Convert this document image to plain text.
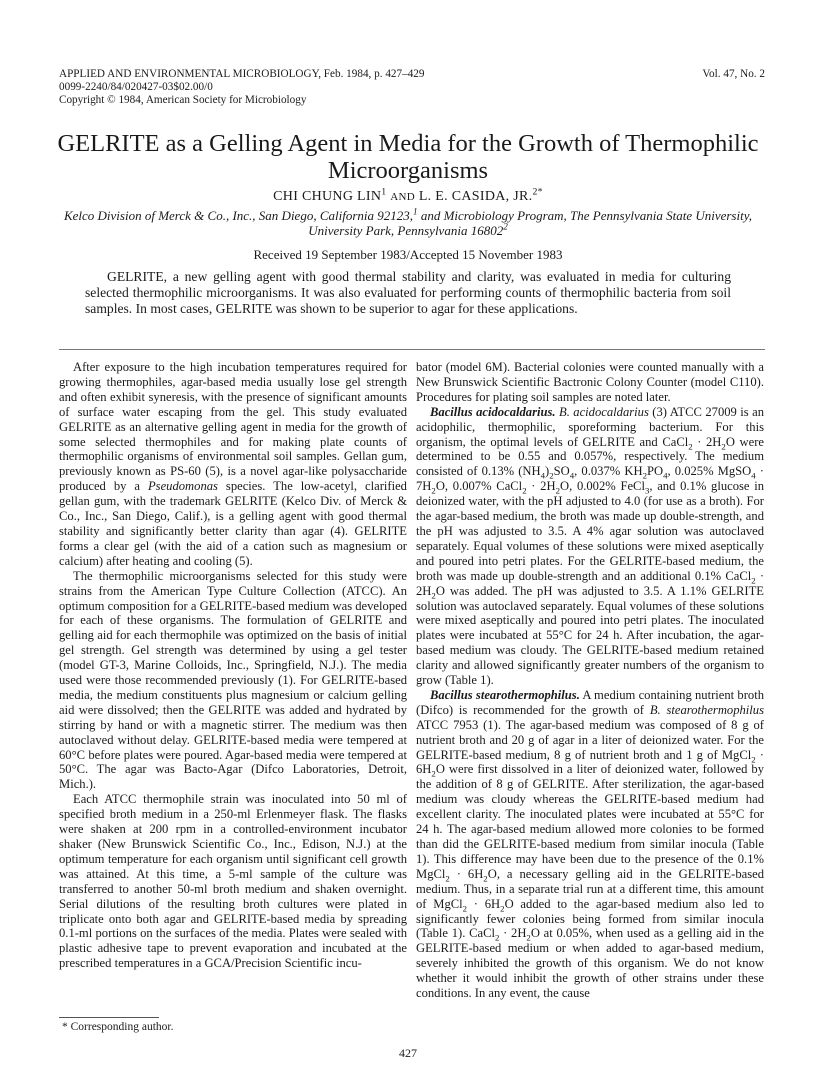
APPLIED AND ENVIRONMENTAL MICROBIOLOGY, Feb. 1984, p. 427–429
0099-2240/84/020427-03$02.00/0
Copyright © 1984, American Society for Microbiology
Vol. 47, No. 2
GELRITE as a Gelling Agent in Media for the Growth of Thermophilic Microorganisms
CHI CHUNG LIN$^1$ AND L. E. CASIDA, JR.$^{2*}$
Kelco Division of Merck & Co., Inc., San Diego, California 92123,$^1$ and Microbiology Program, The Pennsylvania State University, University Park, Pennsylvania 16802$^2$
Received 19 September 1983/Accepted 15 November 1983
GELRITE, a new gelling agent with good thermal stability and clarity, was evaluated in media for culturing selected thermophilic microorganisms. It was also evaluated for performing counts of thermophilic bacteria from soil samples. In most cases, GELRITE was shown to be superior to agar for these applications.

After exposure to the high incubation temperatures required for growing thermophiles, agar-based media usually lose gel strength and often exhibit syneresis, with the presence of significant amounts of surface water escaping from the gel. This study evaluated GELRITE as an alternative gelling agent in media for the growth of some selected thermophiles and for making plate counts of thermophilic organisms of environmental soil samples. Gellan gum, previously known as PS-60 (5), is a novel agar-like polysaccharide produced by a Pseudomonas species. The low-acetyl, clarified gellan gum, with the trademark GELRITE (Kelco Div. of Merck & Co., Inc., San Diego, Calif.), is a gelling agent with good thermal stability and significantly better clarity than agar (4). GELRITE forms a clear gel (with the aid of a cation such as magnesium or calcium) after heating and cooling (5).

The thermophilic microorganisms selected for this study were strains from the American Type Culture Collection (ATCC). An optimum composition for a GELRITE-based medium was developed for each of these organisms. The formulation of GELRITE and gelling aid for each thermophile was optimized on the basis of initial gel strength. Gel strength was determined by using a gel tester (model GT-3, Marine Colloids, Inc., Springfield, N.J.). The media used were those recommended previously (1). For GELRITE-based media, the medium constituents plus magnesium or calcium gelling aid were dissolved; then the GELRITE was added and hydrated by stirring by hand or with a magnetic stirrer. The medium was then autoclaved without delay. GELRITE-based media were tempered at 60°C before plates were poured. Agar-based media were tempered at 50°C. The agar was Bacto-Agar (Difco Laboratories, Detroit, Mich.).

Each ATCC thermophile strain was inoculated into 50 ml of specified broth medium in a 250-ml Erlenmeyer flask. The flasks were shaken at 200 rpm in a controlled-environment incubator shaker (New Brunswick Scientific Co., Inc., Edison, N.J.) at the optimum temperature for each organism until significant cell growth was attained. At this time, a 5-ml sample of the culture was transferred to another 50-ml broth medium and shaken overnight. Serial dilutions of the resulting broth cultures were plated in triplicate onto both agar and GELRITE-based media by spreading 0.1-ml portions on the surfaces of the media. Plates were sealed with plastic adhesive tape to prevent evaporation and incubated at the prescribed temperatures in a GCA/Precision Scientific incu-

bator (model 6M). Bacterial colonies were counted manually with a New Brunswick Scientific Bactronic Colony Counter (model C110). Procedures for plating soil samples are noted later.

Bacillus acidocaldarius. B. acidocaldarius (3) ATCC 27009 is an acidophilic, thermophilic, sporeforming bacterium. For this organism, the optimal levels of GELRITE and CaCl$_2$ · $2H_2O$ were determined to be 0.55 and 0.057%, respectively. The medium consisted of 0.13% $(NH_4)_2SO_4$, 0.037% $KH_2PO_4$, 0.025% MgSO$_4$ · $7H_2O$, 0.007% CaCl$_2$ · $2H_2O$, 0.002% FeCl$_3$, and 0.1% glucose in deionized water, with the pH adjusted to 4.0 (for use as a broth). For the agar-based medium, the broth was made up double-strength, and the pH was adjusted to 3.5. A 4% agar solution was autoclaved separately. Equal volumes of these solutions were mixed aseptically and poured into petri plates. For the GELRITE-based medium, the broth was made up double-strength and an additional 0.1% CaCl$_2$ · $2H_2O$ was added. The pH was adjusted to 3.5. A 1.1% GELRITE solution was autoclaved separately. Equal volumes of these solutions were mixed aseptically and poured into petri plates. The inoculated plates were incubated at 55°C for 24 h. After incubation, the agar-based medium was cloudy. The GELRITE-based medium retained clarity and allowed significantly greater numbers of the organism to grow (Table 1).

Bacillus stearothermophilus. A medium containing nutrient broth (Difco) is recommended for the growth of B. stearothermophilus ATCC 7953 (1). The agar-based medium was composed of 8 g of nutrient broth and 20 g of agar in a liter of deionized water. For the GELRITE-based medium, 8 g of nutrient broth and 1 g of MgCl$_2$ · $6H_2O$ were first dissolved in a liter of deionized water, followed by the addition of 8 g of GELRITE. After sterilization, the agar-based medium was cloudy whereas the GELRITE-based medium had excellent clarity. The inoculated plates were incubated at 55°C for 24 h. The agar-based medium allowed more colonies to be formed than did the GELRITE-based medium from similar inocula (Table 1). This difference may have been due to the presence of the 0.1% MgCl$_2$ · $6H_2O$, a necessary gelling aid in the GELRITE-based medium. Thus, in a separate trial run at a different time, this amount of MgCl$_2$ · $6H_2O$ added to the agar-based medium also led to significantly fewer colonies being formed from similar inocula (Table 1). CaCl$_2$ · $2H_2O$ at 0.05%, when used as a gelling aid in the GELRITE-based medium or when added to agar-based medium, severely inhibited the growth of this organism. We do not know whether it would inhibit the growth of other strains under these conditions. In any event, the cause

* Corresponding author.
427
